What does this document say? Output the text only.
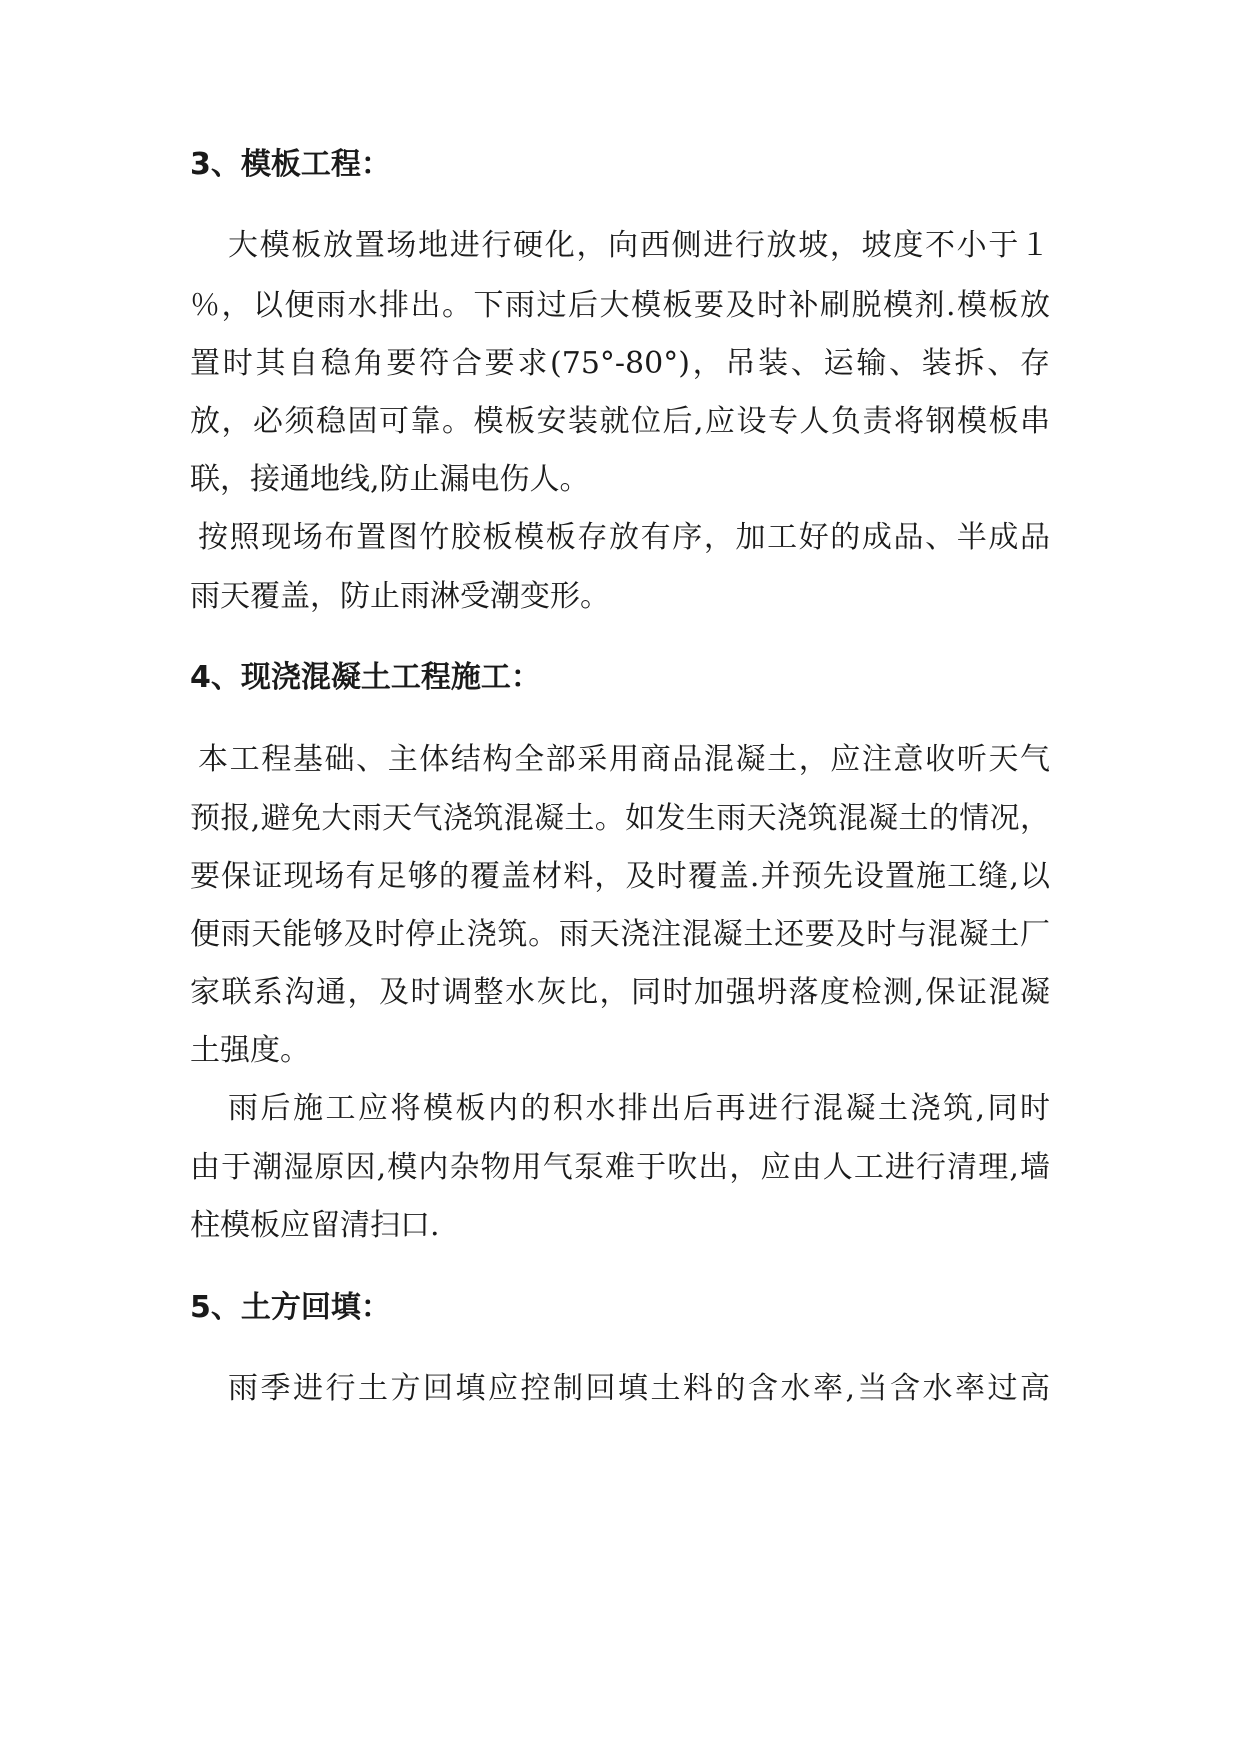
3、模板工程：
大模板放置场地进行硬化，向西侧进行放坡，坡度不小于１
％，以便雨水排出。下雨过后大模板要及时补刷脱模剂.模板放
置时其自稳角要符合要求(75°-80°)，吊装、运输、装拆、存
放，必须稳固可靠。模板安装就位后,应设专人负责将钢模板串
联，接通地线,防止漏电伤人。
按照现场布置图竹胶板模板存放有序，加工好的成品、半成品
雨天覆盖，防止雨淋受潮变形。
4、现浇混凝土工程施工：
本工程基础、主体结构全部采用商品混凝土，应注意收听天气
预报,避免大雨天气浇筑混凝土。如发生雨天浇筑混凝土的情况，
要保证现场有足够的覆盖材料，及时覆盖.并预先设置施工缝,以
便雨天能够及时停止浇筑。雨天浇注混凝土还要及时与混凝土厂
家联系沟通，及时调整水灰比，同时加强坍落度检测,保证混凝
土强度。
雨后施工应将模板内的积水排出后再进行混凝土浇筑,同时
由于潮湿原因,模内杂物用气泵难于吹出，应由人工进行清理,墙
柱模板应留清扫口.
5、土方回填：
雨季进行土方回填应控制回填土料的含水率,当含水率过高
